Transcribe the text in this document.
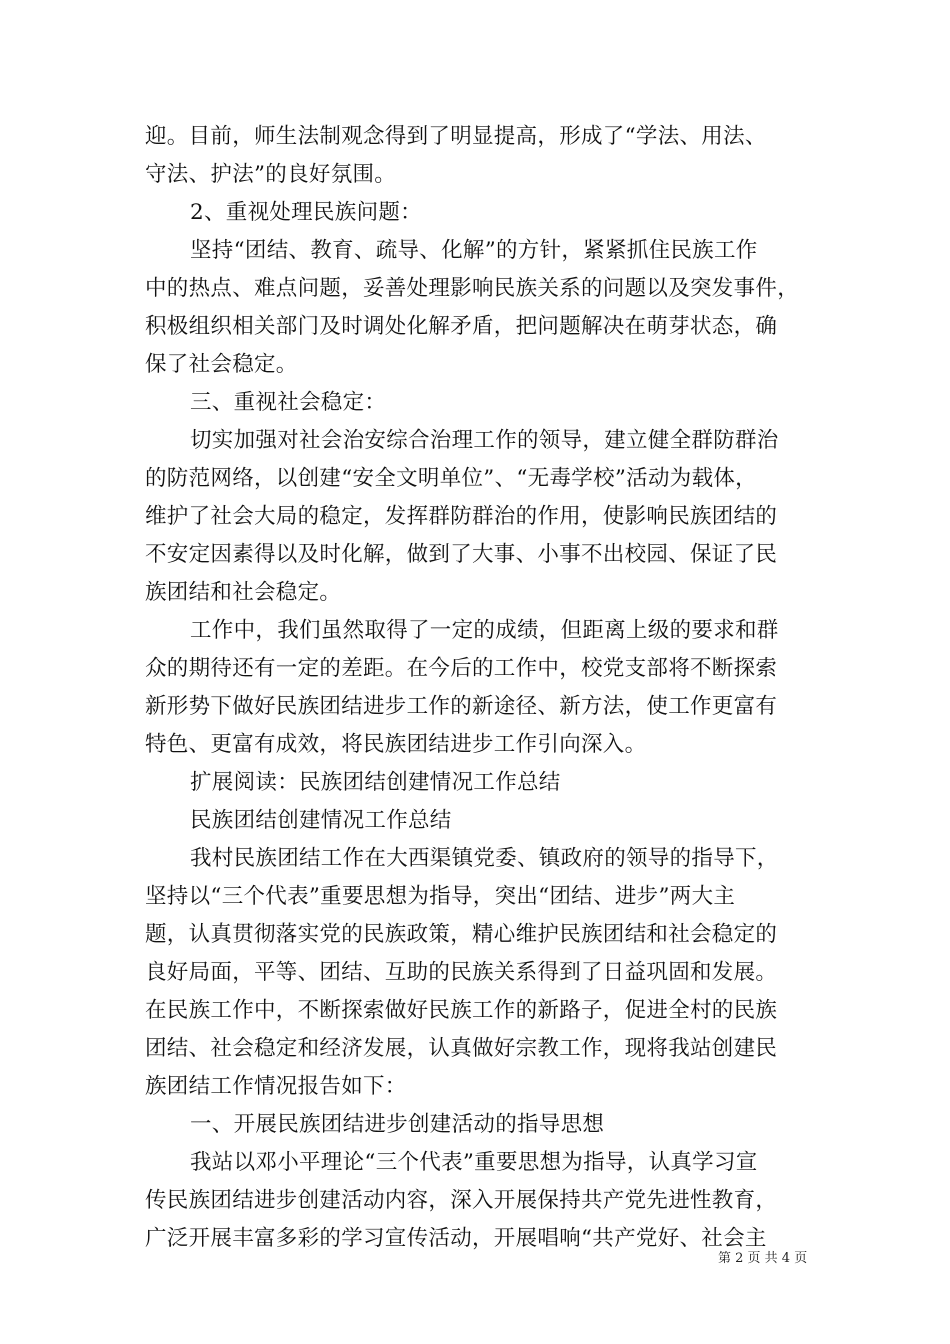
迎。目前，师生法制观念得到了明显提高，形成了“学法、用法、
守法、护法”的良好氛围。
2、重视处理民族问题：
坚持“团结、教育、疏导、化解”的方针，紧紧抓住民族工作
中的热点、难点问题，妥善处理影响民族关系的问题以及突发事件，
积极组织相关部门及时调处化解矛盾，把问题解决在萌芽状态，确
保了社会稳定。
三、重视社会稳定：
切实加强对社会治安综合治理工作的领导，建立健全群防群治
的防范网络，以创建“安全文明单位”、“无毒学校”活动为载体，
维护了社会大局的稳定，发挥群防群治的作用，使影响民族团结的
不安定因素得以及时化解，做到了大事、小事不出校园、保证了民
族团结和社会稳定。
工作中，我们虽然取得了一定的成绩，但距离上级的要求和群
众的期待还有一定的差距。在今后的工作中，校党支部将不断探索
新形势下做好民族团结进步工作的新途径、新方法，使工作更富有
特色、更富有成效，将民族团结进步工作引向深入。
扩展阅读：民族团结创建情况工作总结
民族团结创建情况工作总结
我村民族团结工作在大西渠镇党委、镇政府的领导的指导下，
坚持以“三个代表”重要思想为指导，突出“团结、进步”两大主
题，认真贯彻落实党的民族政策，精心维护民族团结和社会稳定的
良好局面，平等、团结、互助的民族关系得到了日益巩固和发展。
在民族工作中，不断探索做好民族工作的新路子，促进全村的民族
团结、社会稳定和经济发展，认真做好宗教工作，现将我站创建民
族团结工作情况报告如下：
一、开展民族团结进步创建活动的指导思想
我站以邓小平理论“三个代表”重要思想为指导，认真学习宣
传民族团结进步创建活动内容，深入开展保持共产党先进性教育，
广泛开展丰富多彩的学习宣传活动，开展唱响“共产党好、社会主
第 2 页 共 4 页
